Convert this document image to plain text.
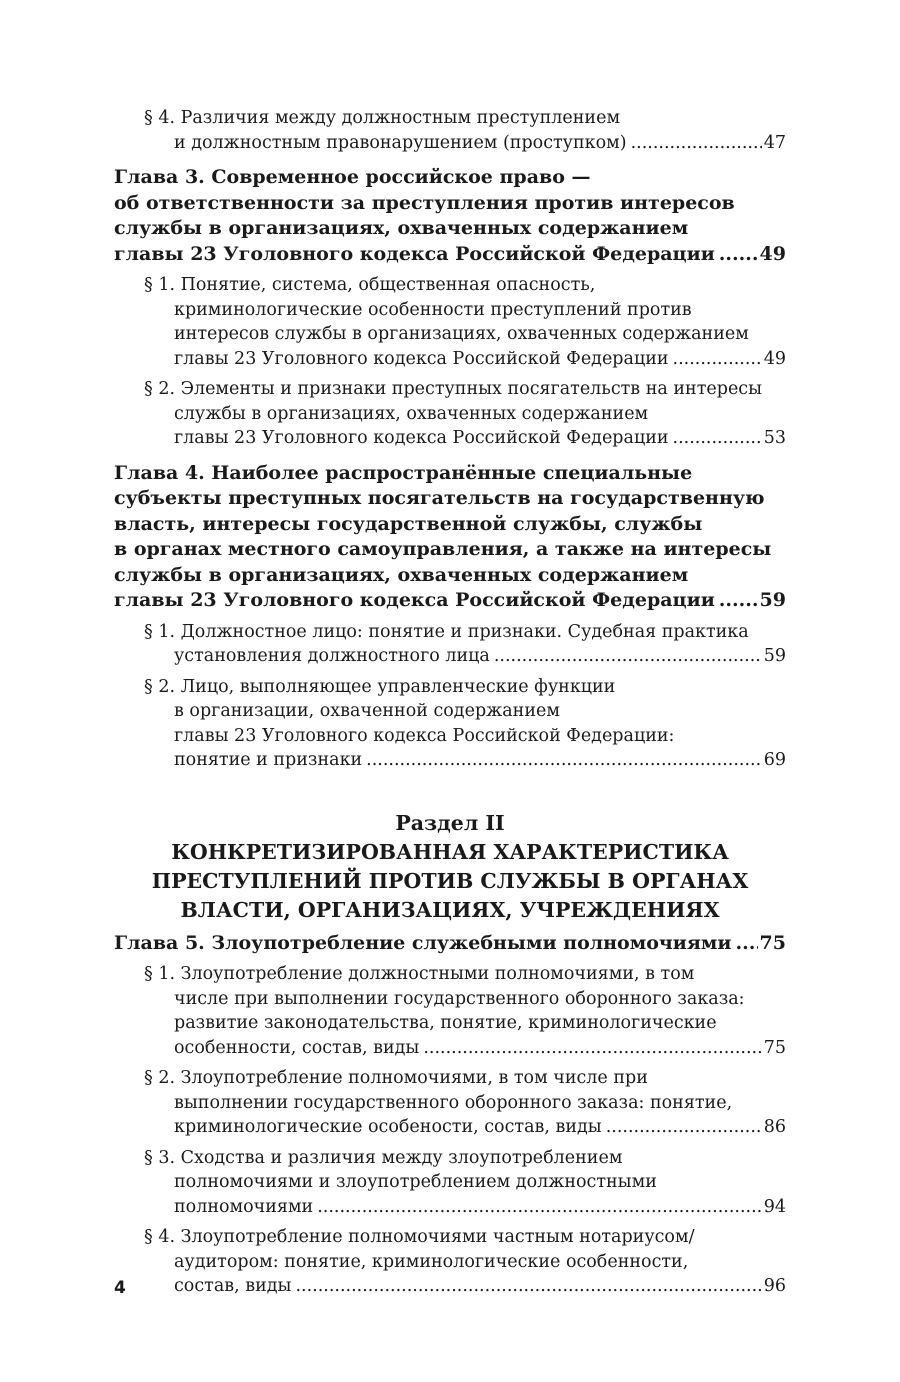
§ 4. Различия между должностным преступлением
и должностным правонарушением (проступком) .....	47
Глава 3. Современное российское право —
об ответственности за преступления против интересов
службы в организациях, охваченных содержанием
главы 23 Уголовного кодекса Российской Федерации ..... 49
§ 1. Понятие, система, общественная опасность,
криминологические особенности преступлений против
интересов службы в организациях, охваченных содержанием
главы 23 Уголовного кодекса Российской Федерации .....	49
§ 2. Элементы и признаки преступных посягательств на интересы
службы в организациях, охваченных содержанием
главы 23 Уголовного кодекса Российской Федерации .....	53
Глава 4. Наиболее распространённые специальные
субъекты преступных посягательств на государственную
власть, интересы государственной службы, службы
в органах местного самоуправления, а также на интересы
службы в организациях, охваченных содержанием
главы 23 Уголовного кодекса Российской Федерации ..... 59
§ 1. Должностное лицо: понятие и признаки. Судебная практика
установления должностного лица .....	59
§ 2. Лицо, выполняющее управленческие функции
в организации, охваченной содержанием
главы 23 Уголовного кодекса Российской Федерации:
понятие и признаки .....	69
Раздел II
КОНКРЕТИЗИРОВАННАЯ ХАРАКТЕРИСТИКА
ПРЕСТУПЛЕНИЙ ПРОТИВ СЛУЖБЫ В ОРГАНАХ
ВЛАСТИ, ОРГАНИЗАЦИЯХ, УЧРЕЖДЕНИЯХ
Глава 5. Злоупотребление служебными полномочиями ..... 75
§ 1. Злоупотребление должностными полномочиями, в том
числе при выполнении государственного оборонного заказа:
развитие законодательства, понятие, криминологические
особенности, состав, виды .....	75
§ 2. Злоупотребление полномочиями, в том числе при
выполнении государственного оборонного заказа: понятие,
криминологические особености, состав, виды .....	86
§ 3. Сходства и различия между злоупотреблением
полномочиями и злоупотреблением должностными
полномочиями .....	94
§ 4. Злоупотребление полномочиями частным нотариусом/
аудитором: понятие, криминологические особенности,
состав, виды .....	96
4
